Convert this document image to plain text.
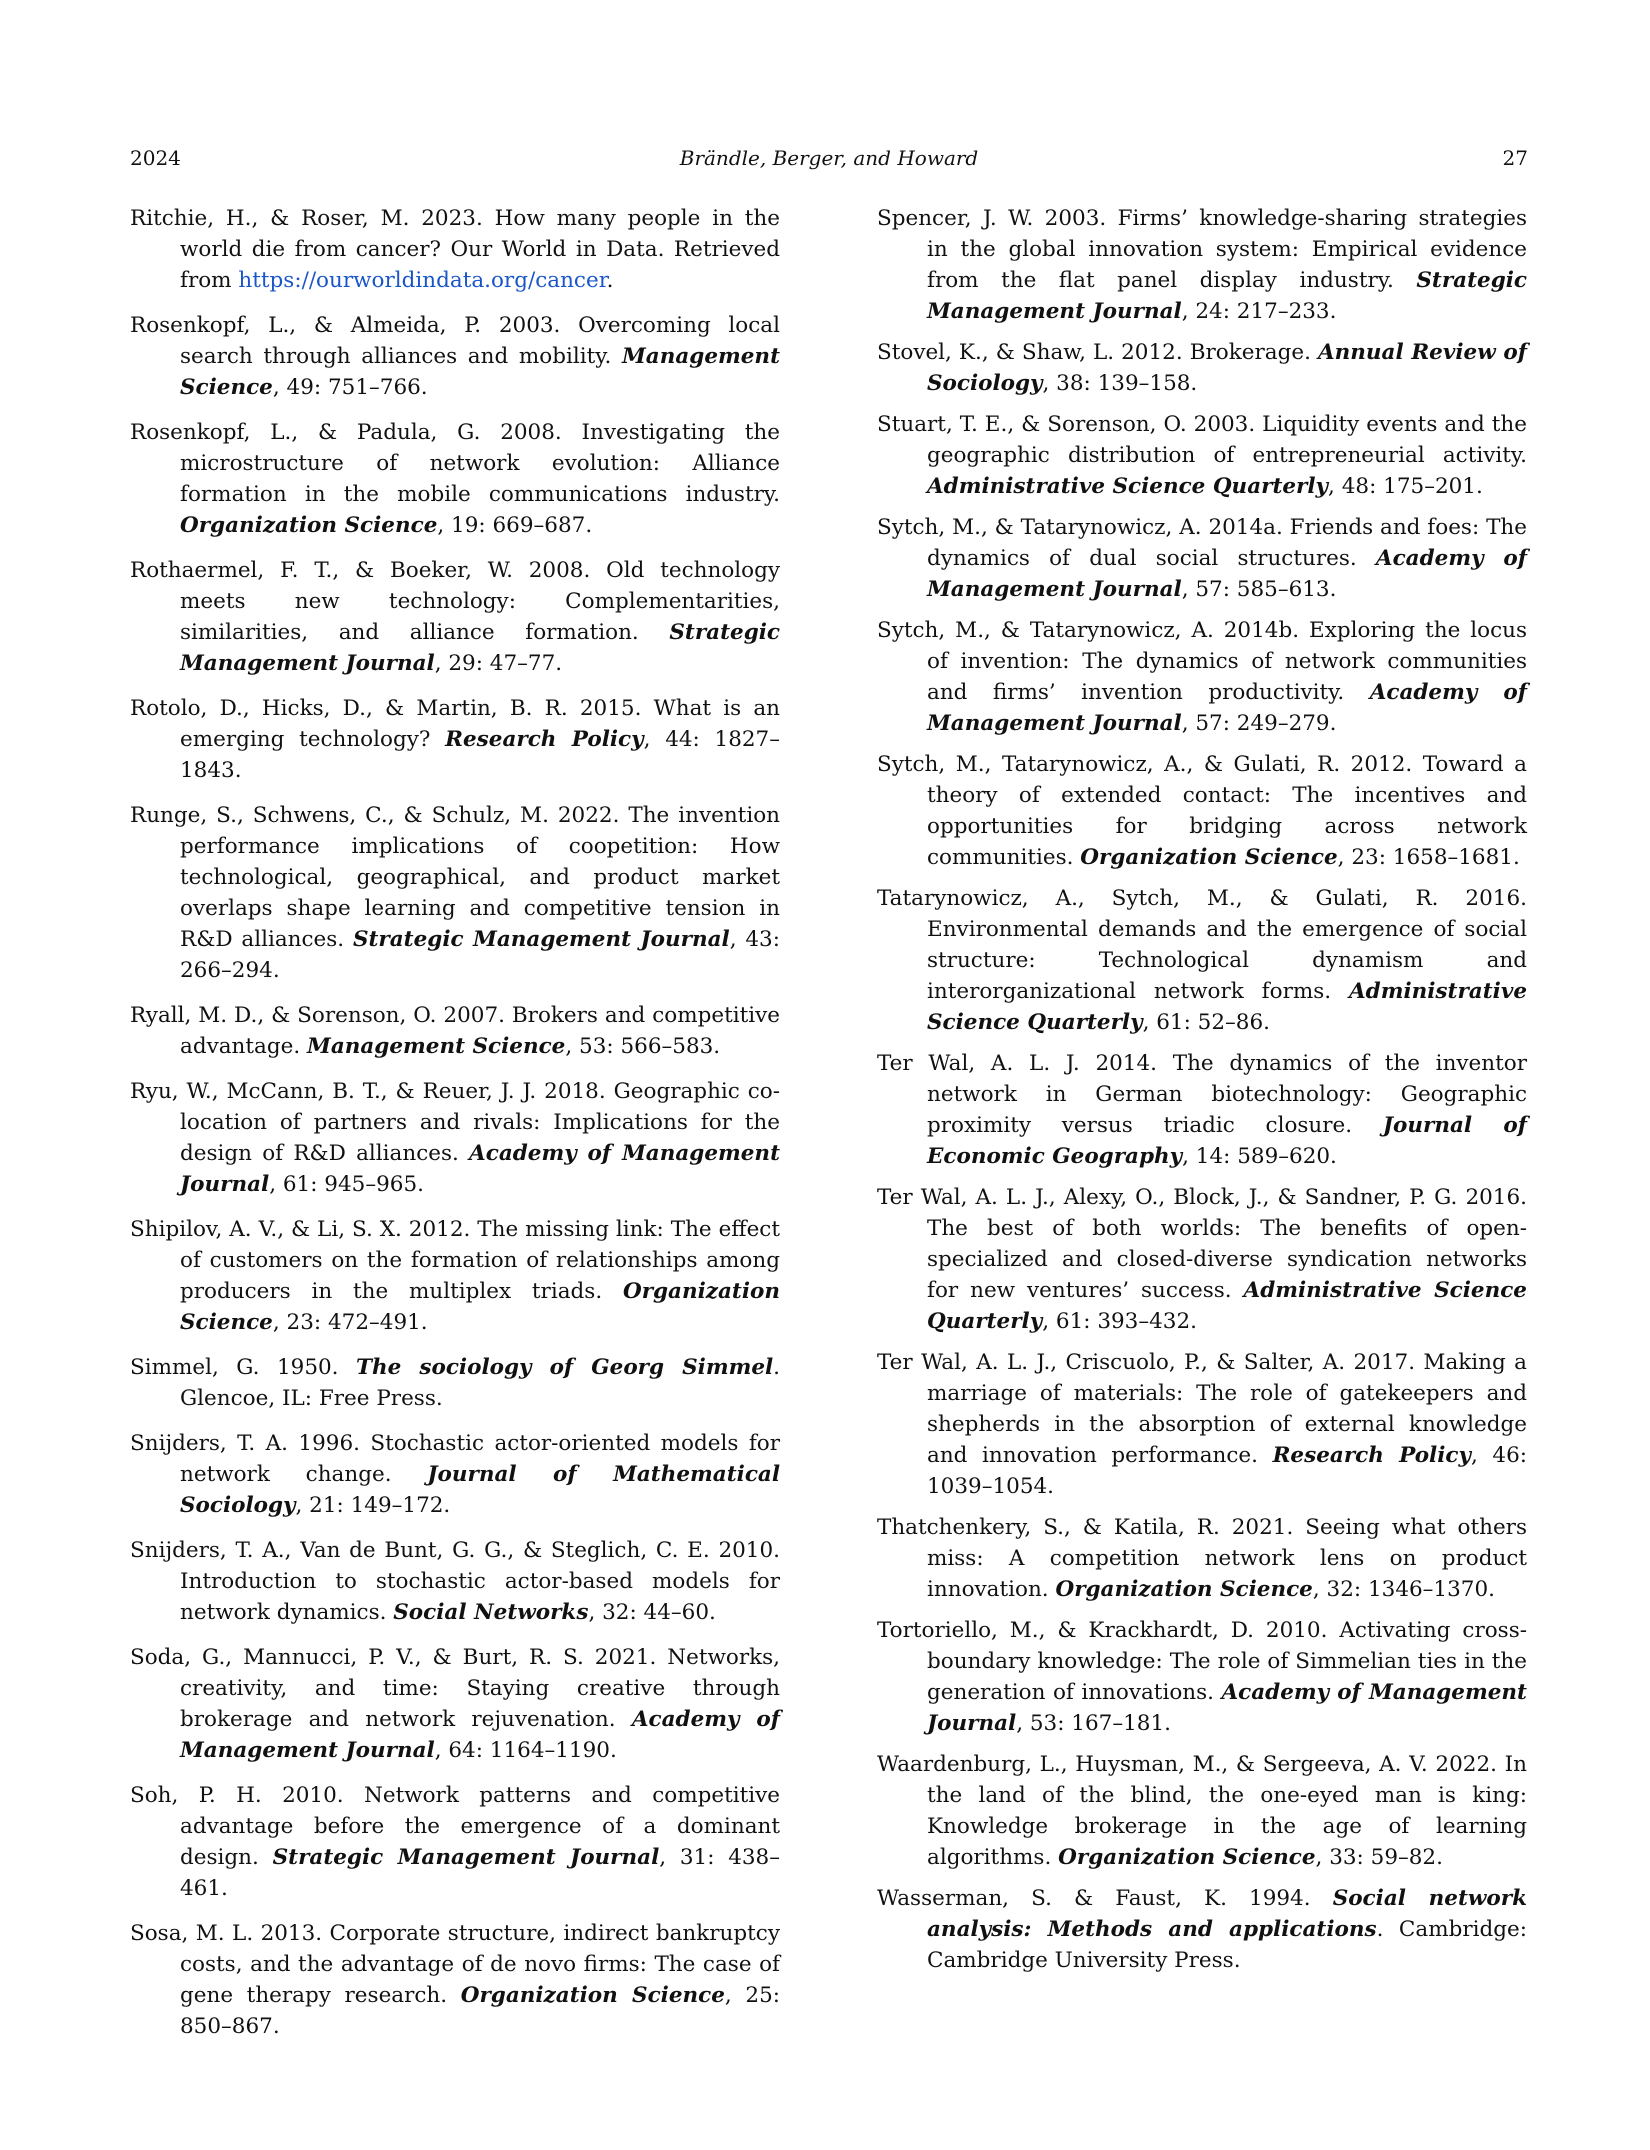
2024	Brändle, Berger, and Howard	27
Ritchie, H., & Roser, M. 2023. How many people in the world die from cancer? Our World in Data. Retrieved from https://ourworldindata.org/cancer.
Rosenkopf, L., & Almeida, P. 2003. Overcoming local search through alliances and mobility. Management Science, 49: 751–766.
Rosenkopf, L., & Padula, G. 2008. Investigating the microstructure of network evolution: Alliance formation in the mobile communications industry. Organization Science, 19: 669–687.
Rothaermel, F. T., & Boeker, W. 2008. Old technology meets new technology: Complementarities, similarities, and alliance formation. Strategic Management Journal, 29: 47–77.
Rotolo, D., Hicks, D., & Martin, B. R. 2015. What is an emerging technology? Research Policy, 44: 1827–1843.
Runge, S., Schwens, C., & Schulz, M. 2022. The invention performance implications of coopetition: How technological, geographical, and product market overlaps shape learning and competitive tension in R&D alliances. Strategic Management Journal, 43: 266–294.
Ryall, M. D., & Sorenson, O. 2007. Brokers and competitive advantage. Management Science, 53: 566–583.
Ryu, W., McCann, B. T., & Reuer, J. J. 2018. Geographic co-location of partners and rivals: Implications for the design of R&D alliances. Academy of Management Journal, 61: 945–965.
Shipilov, A. V., & Li, S. X. 2012. The missing link: The effect of customers on the formation of relationships among producers in the multiplex triads. Organization Science, 23: 472–491.
Simmel, G. 1950. The sociology of Georg Simmel. Glencoe, IL: Free Press.
Snijders, T. A. 1996. Stochastic actor-oriented models for network change. Journal of Mathematical Sociology, 21: 149–172.
Snijders, T. A., Van de Bunt, G. G., & Steglich, C. E. 2010. Introduction to stochastic actor-based models for network dynamics. Social Networks, 32: 44–60.
Soda, G., Mannucci, P. V., & Burt, R. S. 2021. Networks, creativity, and time: Staying creative through brokerage and network rejuvenation. Academy of Management Journal, 64: 1164–1190.
Soh, P. H. 2010. Network patterns and competitive advantage before the emergence of a dominant design. Strategic Management Journal, 31: 438–461.
Sosa, M. L. 2013. Corporate structure, indirect bankruptcy costs, and the advantage of de novo firms: The case of gene therapy research. Organization Science, 25: 850–867.
Spencer, J. W. 2003. Firms’ knowledge-sharing strategies in the global innovation system: Empirical evidence from the flat panel display industry. Strategic Management Journal, 24: 217–233.
Stovel, K., & Shaw, L. 2012. Brokerage. Annual Review of Sociology, 38: 139–158.
Stuart, T. E., & Sorenson, O. 2003. Liquidity events and the geographic distribution of entrepreneurial activity. Administrative Science Quarterly, 48: 175–201.
Sytch, M., & Tatarynowicz, A. 2014a. Friends and foes: The dynamics of dual social structures. Academy of Management Journal, 57: 585–613.
Sytch, M., & Tatarynowicz, A. 2014b. Exploring the locus of invention: The dynamics of network communities and firms’ invention productivity. Academy of Management Journal, 57: 249–279.
Sytch, M., Tatarynowicz, A., & Gulati, R. 2012. Toward a theory of extended contact: The incentives and opportunities for bridging across network communities. Organization Science, 23: 1658–1681.
Tatarynowicz, A., Sytch, M., & Gulati, R. 2016. Environmental demands and the emergence of social structure: Technological dynamism and interorganizational network forms. Administrative Science Quarterly, 61: 52–86.
Ter Wal, A. L. J. 2014. The dynamics of the inventor network in German biotechnology: Geographic proximity versus triadic closure. Journal of Economic Geography, 14: 589–620.
Ter Wal, A. L. J., Alexy, O., Block, J., & Sandner, P. G. 2016. The best of both worlds: The benefits of open-specialized and closed-diverse syndication networks for new ventures’ success. Administrative Science Quarterly, 61: 393–432.
Ter Wal, A. L. J., Criscuolo, P., & Salter, A. 2017. Making a marriage of materials: The role of gatekeepers and shepherds in the absorption of external knowledge and innovation performance. Research Policy, 46: 1039–1054.
Thatchenkery, S., & Katila, R. 2021. Seeing what others miss: A competition network lens on product innovation. Organization Science, 32: 1346–1370.
Tortoriello, M., & Krackhardt, D. 2010. Activating cross-boundary knowledge: The role of Simmelian ties in the generation of innovations. Academy of Management Journal, 53: 167–181.
Waardenburg, L., Huysman, M., & Sergeeva, A. V. 2022. In the land of the blind, the one-eyed man is king: Knowledge brokerage in the age of learning algorithms. Organization Science, 33: 59–82.
Wasserman, S. & Faust, K. 1994. Social network analysis: Methods and applications. Cambridge: Cambridge University Press.
